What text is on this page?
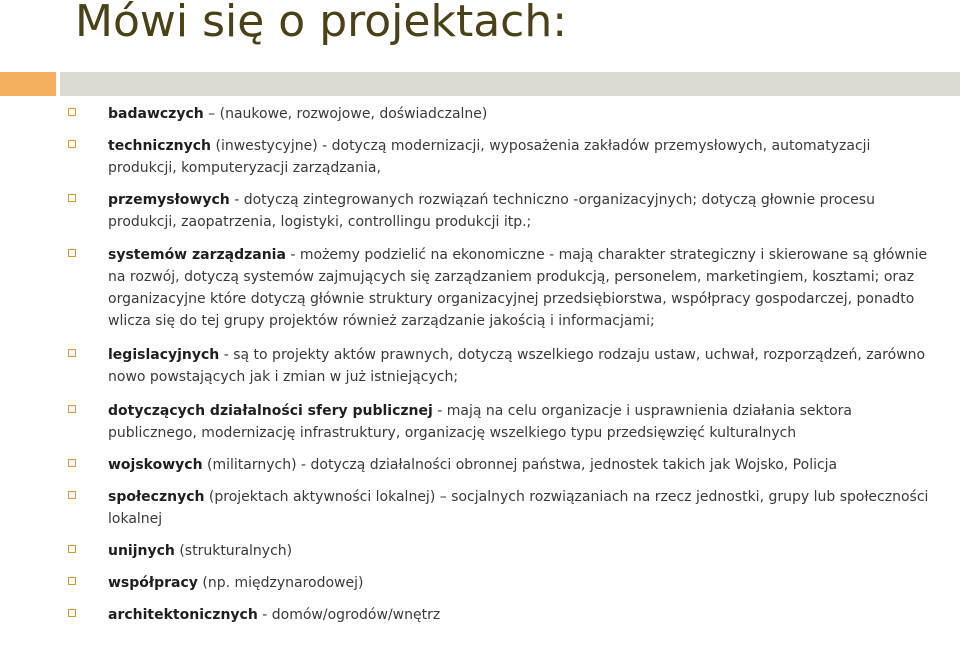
Mówi się o projektach:
badawczych – (naukowe, rozwojowe, doświadczalne)
technicznych (inwestycyjne) - dotyczą modernizacji, wyposażenia zakładów przemysłowych, automatyzacji produkcji, komputeryzacji zarządzania,
przemysłowych - dotyczą zintegrowanych rozwiązań techniczno -organizacyjnych; dotyczą głownie procesu produkcji, zaopatrzenia, logistyki, controllingu produkcji itp.;
systemów zarządzania - możemy podzielić na ekonomiczne - mają charakter strategiczny i skierowane są głównie na rozwój, dotyczą systemów zajmujących się zarządzaniem produkcją, personelem, marketingiem, kosztami; oraz organizacyjne które dotyczą głównie struktury organizacyjnej przedsiębiorstwa, współpracy gospodarczej, ponadto wlicza się do tej grupy projektów również zarządzanie jakością i informacjami;
legislacyjnych - są to projekty aktów prawnych, dotyczą wszelkiego rodzaju ustaw, uchwał, rozporządzeń, zarówno nowo powstających jak i zmian w już istniejących;
dotyczących działalności sfery publicznej - mają na celu organizacje i usprawnienia działania sektora publicznego, modernizację infrastruktury, organizację wszelkiego typu przedsięwzięć kulturalnych
wojskowych (militarnych) - dotyczą działalności obronnej państwa, jednostek takich jak Wojsko, Policja
społecznych (projektach aktywności lokalnej) – socjalnych rozwiązaniach na rzecz jednostki, grupy lub społeczności lokalnej
unijnych (strukturalnych)
współpracy (np. międzynarodowej)
architektonicznych - domów/ogrodów/wnętrz
